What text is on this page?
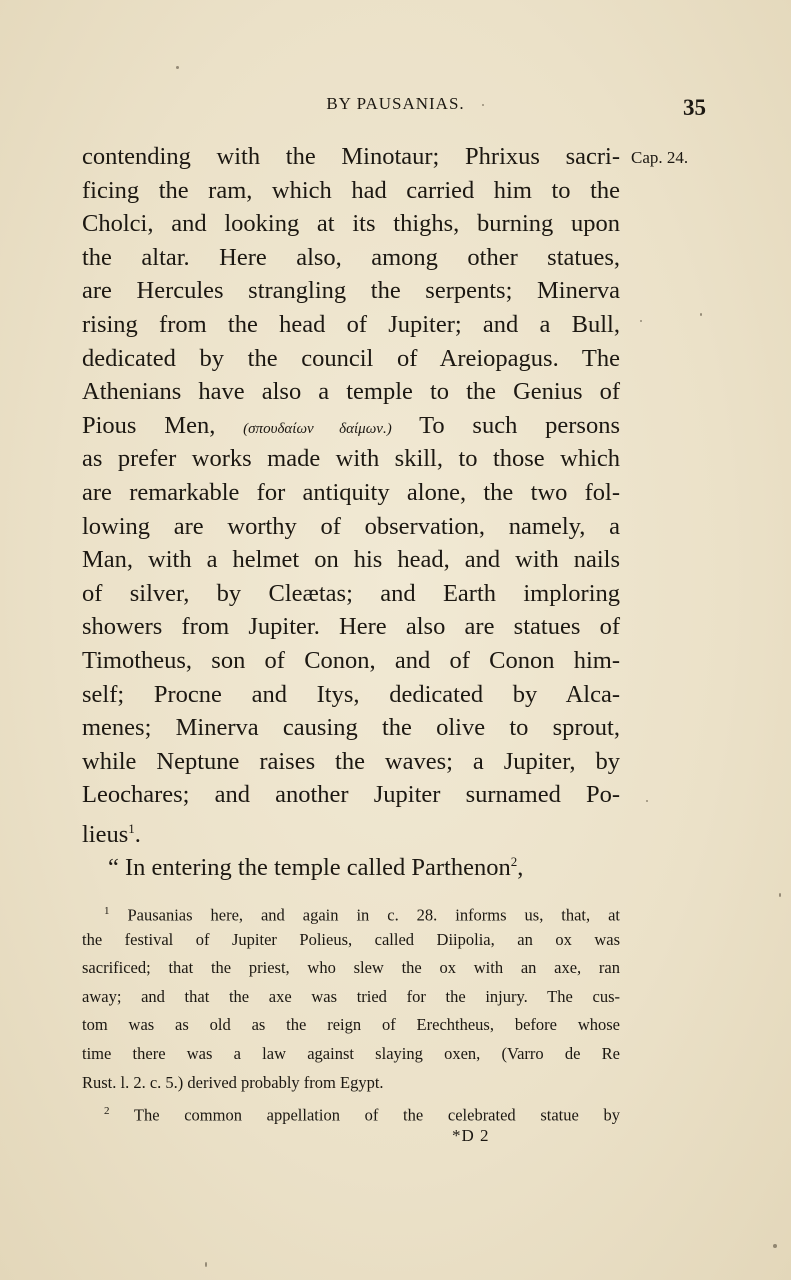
BY PAUSANIAS.	35
Cap. 24.
contending with the Minotaur; Phrixus sacri-
ficing the ram, which had carried him to the
Cholci, and looking at its thighs, burning upon
the altar. Here also, among other statues,
are Hercules strangling the serpents; Minerva
rising from the head of Jupiter; and a Bull,
dedicated by the council of Areiopagus. The
Athenians have also a temple to the Genius of
Pious Men, (σπουδαίων δαίμων.) To such persons
as prefer works made with skill, to those which
are remarkable for antiquity alone, the two fol-
lowing are worthy of observation, namely, a
Man, with a helmet on his head, and with nails
of silver, by Cleætas; and Earth imploring
showers from Jupiter. Here also are statues of
Timotheus, son of Conon, and of Conon him-
self; Procne and Itys, dedicated by Alca-
menes; Minerva causing the olive to sprout,
while Neptune raises the waves; a Jupiter, by
Leochares; and another Jupiter surnamed Po-
lieus$^1$.
“ In entering the temple called Parthenon$^2$,
$^1$ Pausanias here, and again in c. 28. informs us, that, at
the festival of Jupiter Polieus, called Diipolia, an ox was
sacrificed; that the priest, who slew the ox with an axe, ran
away; and that the axe was tried for the injury. The cus-
tom was as old as the reign of Erechtheus, before whose
time there was a law against slaying oxen, (Varro de Re
Rust. l. 2. c. 5.) derived probably from Egypt.
$^2$ The common appellation of the celebrated statue by
*D 2
